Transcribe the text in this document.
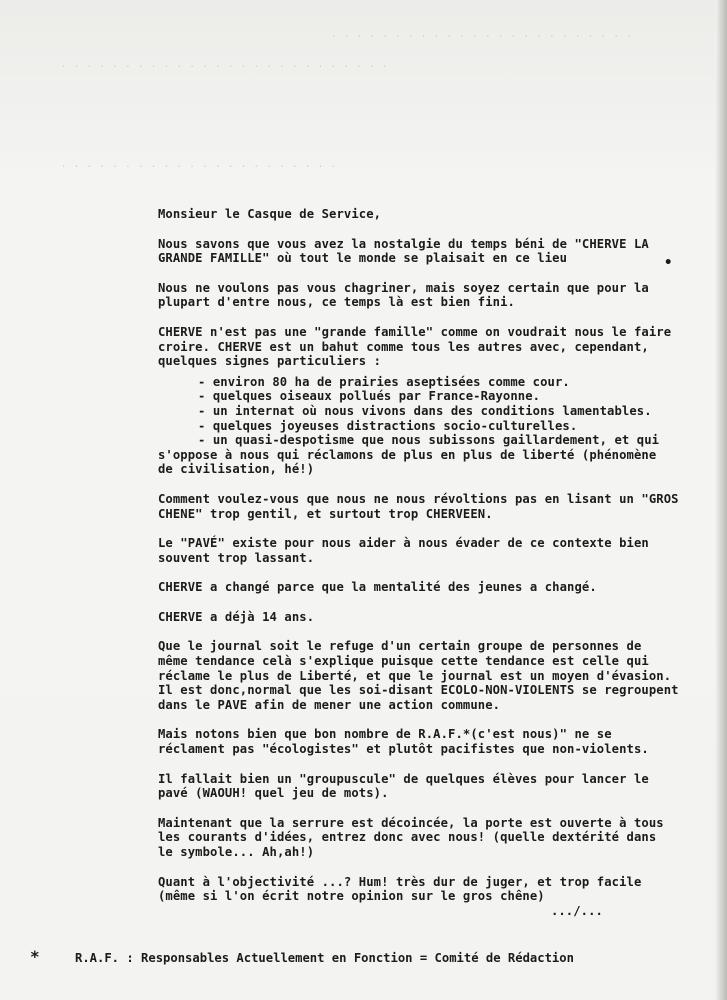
. . . . . . . . . . . . . . . . . . . . . . . . . .
. . . . . . . . . . . . . . . . . . . . . .
. . . . . . . . . . . . . . . . . . . . . . . .
Monsieur le Casque de Service,
Nous savons que vous avez la nostalgie du temps béni de "CHERVE LA
GRANDE FAMILLE" où tout le monde se plaisait en ce lieu
Nous ne voulons pas vous chagriner, mais soyez certain que pour la
plupart d'entre nous, ce temps là est bien fini.
CHERVE n'est pas une "grande famille" comme on voudrait nous le faire
croire. CHERVE est un bahut comme tous les autres avec, cependant,
quelques signes particuliers :
- environ 80 ha de prairies aseptisées comme cour.
- quelques oiseaux pollués par France-Rayonne.
- un internat où nous vivons dans des conditions lamentables.
- quelques joyeuses distractions socio-culturelles.
- un quasi-despotisme que nous subissons gaillardement, et qui
s'oppose à nous qui réclamons de plus en plus de liberté (phénomène
de civilisation, hé!)
Comment voulez-vous que nous ne nous révoltions pas en lisant un "GROS
CHENE" trop gentil, et surtout trop CHERVEEN.
Le "PAVÉ" existe pour nous aider à nous évader de ce contexte bien
souvent trop lassant.
CHERVE a changé parce que la mentalité des jeunes a changé.
CHERVE a déjà 14 ans.
Que le journal soit le refuge d'un certain groupe de personnes de
même tendance celà s'explique puisque cette tendance est celle qui
réclame le plus de Liberté, et que le journal est un moyen d'évasion.
Il est donc,normal que les soi-disant ECOLO-NON-VIOLENTS se regroupent
dans le PAVE afin de mener une action commune.
Mais notons bien que bon nombre de R.A.F.*(c'est nous)" ne se
réclament pas "écologistes" et plutôt pacifistes que non-violents.
Il fallait bien un "groupuscule" de quelques élèves pour lancer le
pavé (WAOUH! quel jeu de mots).
Maintenant que la serrure est décoincée, la porte est ouverte à tous
les courants d'idées, entrez donc avec nous! (quelle dextérité dans
le symbole... Ah,ah!)
Quant à l'objectivité ...? Hum! très dur de juger, et trop facile
(même si l'on écrit notre opinion sur le gros chêne)
.../...
•
*	R.A.F. : Responsables Actuellement en Fonction = Comité de Rédaction
